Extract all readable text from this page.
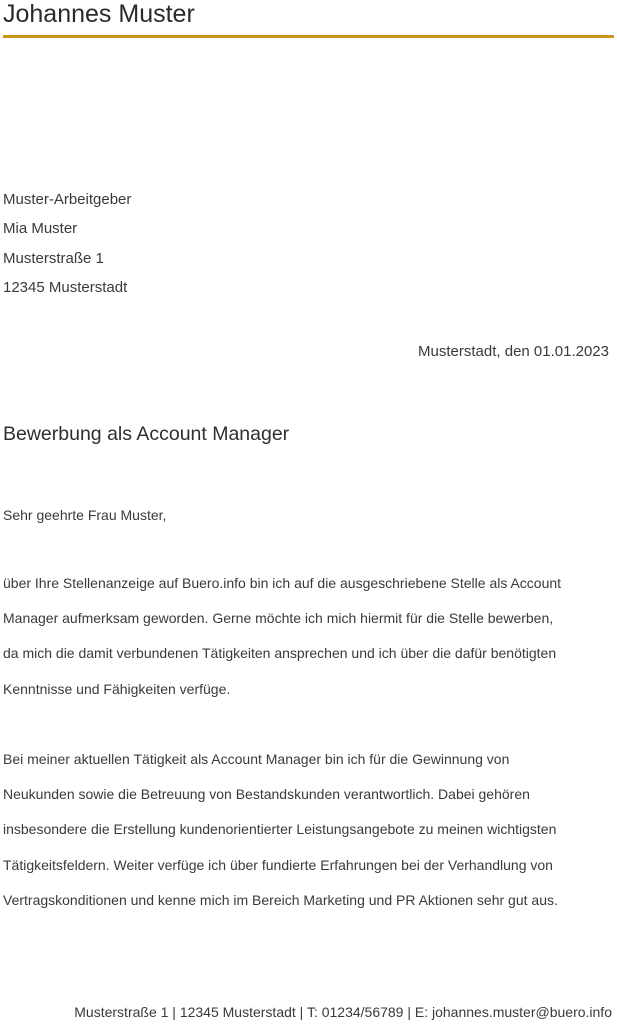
Johannes Muster
Muster-Arbeitgeber
Mia Muster
Musterstraße 1
12345 Musterstadt
Musterstadt, den 01.01.2023
Bewerbung als Account Manager
Sehr geehrte Frau Muster,
über Ihre Stellenanzeige auf Buero.info bin ich auf die ausgeschriebene Stelle als Account
Manager aufmerksam geworden. Gerne möchte ich mich hiermit für die Stelle bewerben,
da mich die damit verbundenen Tätigkeiten ansprechen und ich über die dafür benötigten
Kenntnisse und Fähigkeiten verfüge.
Bei meiner aktuellen Tätigkeit als Account Manager bin ich für die Gewinnung von
Neukunden sowie die Betreuung von Bestandskunden verantwortlich. Dabei gehören
insbesondere die Erstellung kundenorientierter Leistungsangebote zu meinen wichtigsten
Tätigkeitsfeldern. Weiter verfüge ich über fundierte Erfahrungen bei der Verhandlung von
Vertragskonditionen und kenne mich im Bereich Marketing und PR Aktionen sehr gut aus.
Musterstraße 1 | 12345 Musterstadt | T: 01234/56789 | E: johannes.muster@buero.info
